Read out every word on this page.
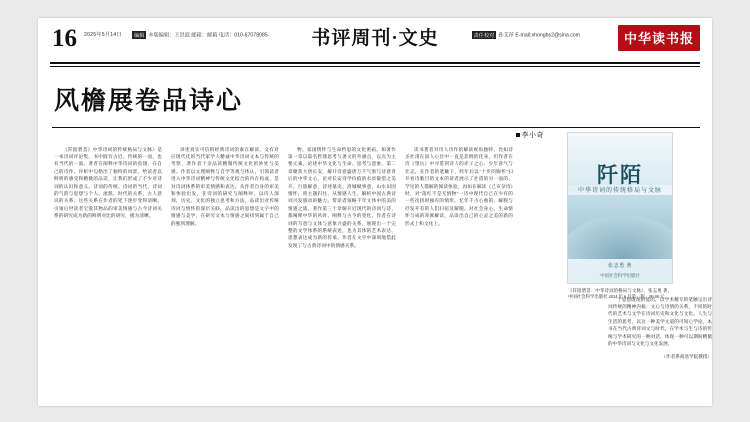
16 2025年5月14日	编辑 本版编辑：王洪波 邮箱：邮箱 电话：010-67078085 书评周刊·文史	责任校对 孙艾萍 E-mail:xhongbs2@sina.com	中华读书报
风檐展卷品诗心
李小奇

《阡陌碧荟》中华诗词的传统格局与文脉》是一本诗词评论集，书中既有古近、传统的一面，也有当代的一面。著者在阐释中华诗词的鱼翅，在自己的诗作、评析中勾勒出了独特的风景，给读者以鲜明的感受和精微的品读，让我们形成了不少对诗词的认识和意义。诗词的传统、诗词的当代、诗词的气韵与思想与个人、流派、时代的关系，古人意识的关系，这些关系在作者的笔下逐步变得清晰。引领后世读者宝爱其物品的审美情感与古今诗词关系的研究成为新的鲜明对比的研究，极为清晰。

讲述真实可信的经典诗词的素在解读，文有对应现代化的当代家学人精诚中华诗词文本与传统的考察，著作者十亲品读精微传统文化的妙处与美感。作者以文理阐释与自学等观与体认，引领读者进入中华诗词精神与传统文化结合的内在构成，是对诗词体系的审美情感和表达。从作者自身的审美和体验出发，在诗词的研究与阐释时，以诗人深刻、历史、文化的独立思考和方法，品读出对传统诗词与情怀的深层关联，品读出的思想是文字中的情感与美学，在研究文本与情感之间找到属于自己的独到理解。

物、家国情怀与生命哲思的文化密码。如著作第一章以篇名哲理思考与著文的外涵点，以点为主要元素，论述中华文化与生命、思考与意象，第二章聚焦大唐长安，解开诗意盛唐万千气象与诗意背后的中华文心，论对长安诗学价值的水贫敏望之美开。行旅解意、诗述墓史、洛城赋事意，山水田园情怀，将主题归往、从情感人生、解析中国古典诗词兴发感动的魅力。带读者领略千年文体中的美的情感之旅。著作第三十章解开近现代的诗词与诗、都阐释中华的风骨、阐释与古今的变化，作者在诗词的写意与文体与意象兴盛的关系，展现出一个完整的文学体系的系统表述，也为其体的艺术表达、思想表达成为新的传承。作者在文字中深刻地借此发现了与古典诗词中的情感关系。

读书著者对诗人诗作的解读视角独特，比如诗圣社甫在国人心目中一直是悲悯的化身，但作者在诗《望岳》中寻觅到诗人的赤子之心、少年意气与壮志，在作者的笔触下，经年后以"十步的胸怀"扫开看诗歌目的文本的读者展示了社甫的另一面的、罕见的人都解的阅读体验。再如在解读《己亥杂诗》时，对"落红不是无情物"一诗中现代自己在少有的一些次找时独有的情形。忆年千古心曲的、解脱与抒发开有的人们归宿及解脱。对社会身心、生命情怀与成的寄寓解读，品读出自己的心灵之美的新的形式上和文化上。

阡陌
中华诗词的传统格局与文脉
张志勇 著
中国社会科学出版社
《阡陌碧荟：中华诗词的格局与文脉》，张志勇 著，中国社会科学出版社 2024 年 6 月第一版，99.00 元

于思想既理的能的，以学术精专的笔触呈出诗词传统的精神内核：文心与诗情的关系，不同的时代的艺术与文学在诗词历史和文化与文化。人生与生活的思考，以这一种美学文道的可知心学论。本书在当代古典诗词文与时代、在学术与生与诗的传统与学术研究的一种对话，体现一种可以期盼精微的中华诗词与文化与文化发展。

（作者系商洛学院教授）
